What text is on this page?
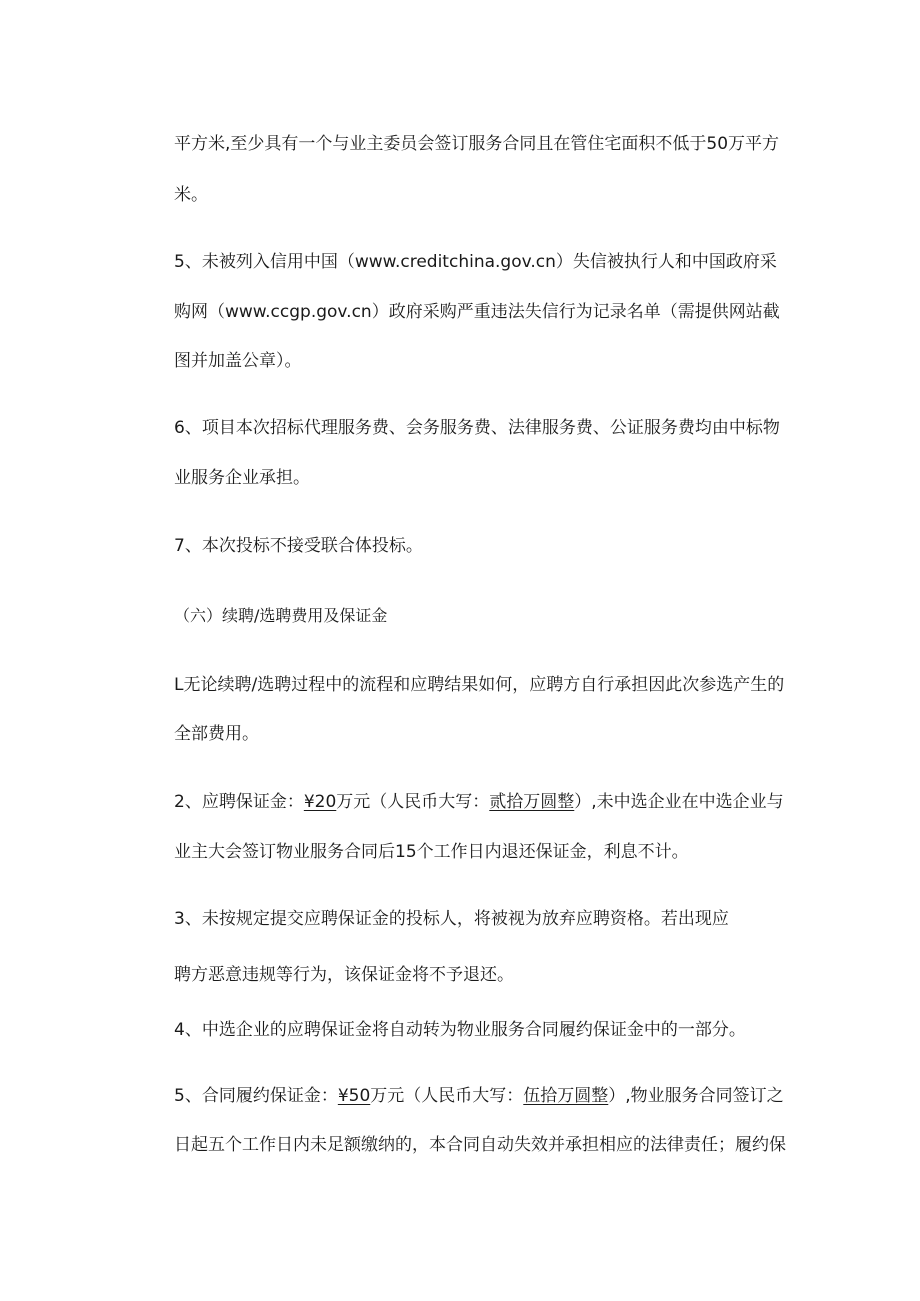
平方米,至少具有一个与业主委员会签订服务合同且在管住宅面积不低于50万平方

米。

5、未被列入信用中国（www.creditchina.gov.cn）失信被执行人和中国政府采

购网（www.ccgp.gov.cn）政府采购严重违法失信行为记录名单（需提供网站截

图并加盖公章）。

6、项目本次招标代理服务费、会务服务费、法律服务费、公证服务费均由中标物

业服务企业承担。

7、本次投标不接受联合体投标。

（六）续聘/选聘费用及保证金

L无论续聘/选聘过程中的流程和应聘结果如何，应聘方自行承担因此次参选产生的

全部费用。

2、应聘保证金：¥20万元（人民币大写：贰拾万圆整）,未中选企业在中选企业与

业主大会签订物业服务合同后15个工作日内退还保证金，利息不计。

3、未按规定提交应聘保证金的投标人，将被视为放弃应聘资格。若出现应

聘方恶意违规等行为，该保证金将不予退还。

4、中选企业的应聘保证金将自动转为物业服务合同履约保证金中的一部分。

5、合同履约保证金：¥50万元（人民币大写：伍拾万圆整）,物业服务合同签订之

日起五个工作日内未足额缴纳的，本合同自动失效并承担相应的法律责任；履约保
